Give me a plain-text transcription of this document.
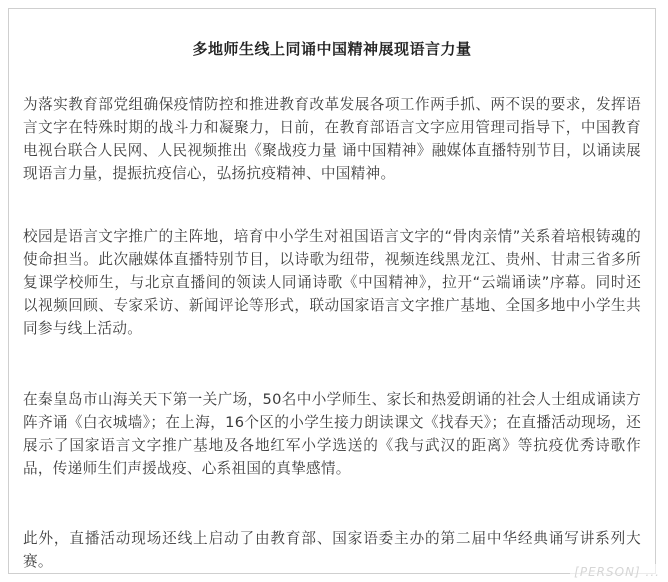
多地师生线上同诵中国精神展现语言力量
为落实教育部党组确保疫情防控和推进教育改革发展各项工作两手抓、两不误的要求，发挥语言文字在特殊时期的战斗力和凝聚力，日前，在教育部语言文字应用管理司指导下，中国教育电视台联合人民网、人民视频推出《聚战疫力量 诵中国精神》融媒体直播特别节目，以诵读展现语言力量，提振抗疫信心，弘扬抗疫精神、中国精神。
校园是语言文字推广的主阵地，培育中小学生对祖国语言文字的“骨肉亲情”关系着培根铸魂的使命担当。此次融媒体直播特别节目，以诗歌为纽带，视频连线黑龙江、贵州、甘肃三省多所复课学校师生，与北京直播间的领读人同诵诗歌《中国精神》，拉开“云端诵读”序幕。同时还以视频回顾、专家采访、新闻评论等形式，联动国家语言文字推广基地、全国多地中小学生共同参与线上活动。
在秦皇岛市山海关天下第一关广场，50名中小学师生、家长和热爱朗诵的社会人士组成诵读方阵齐诵《白衣城墙》；在上海，16个区的小学生接力朗读课文《找春天》；在直播活动现场，还展示了国家语言文字推广基地及各地红军小学选送的《我与武汉的距离》等抗疫优秀诗歌作品，传递师生们声援战疫、心系祖国的真挚感情。
此外，直播活动现场还线上启动了由教育部、国家语委主办的第二届中华经典诵写讲系列大赛。
[PERSON] ...
